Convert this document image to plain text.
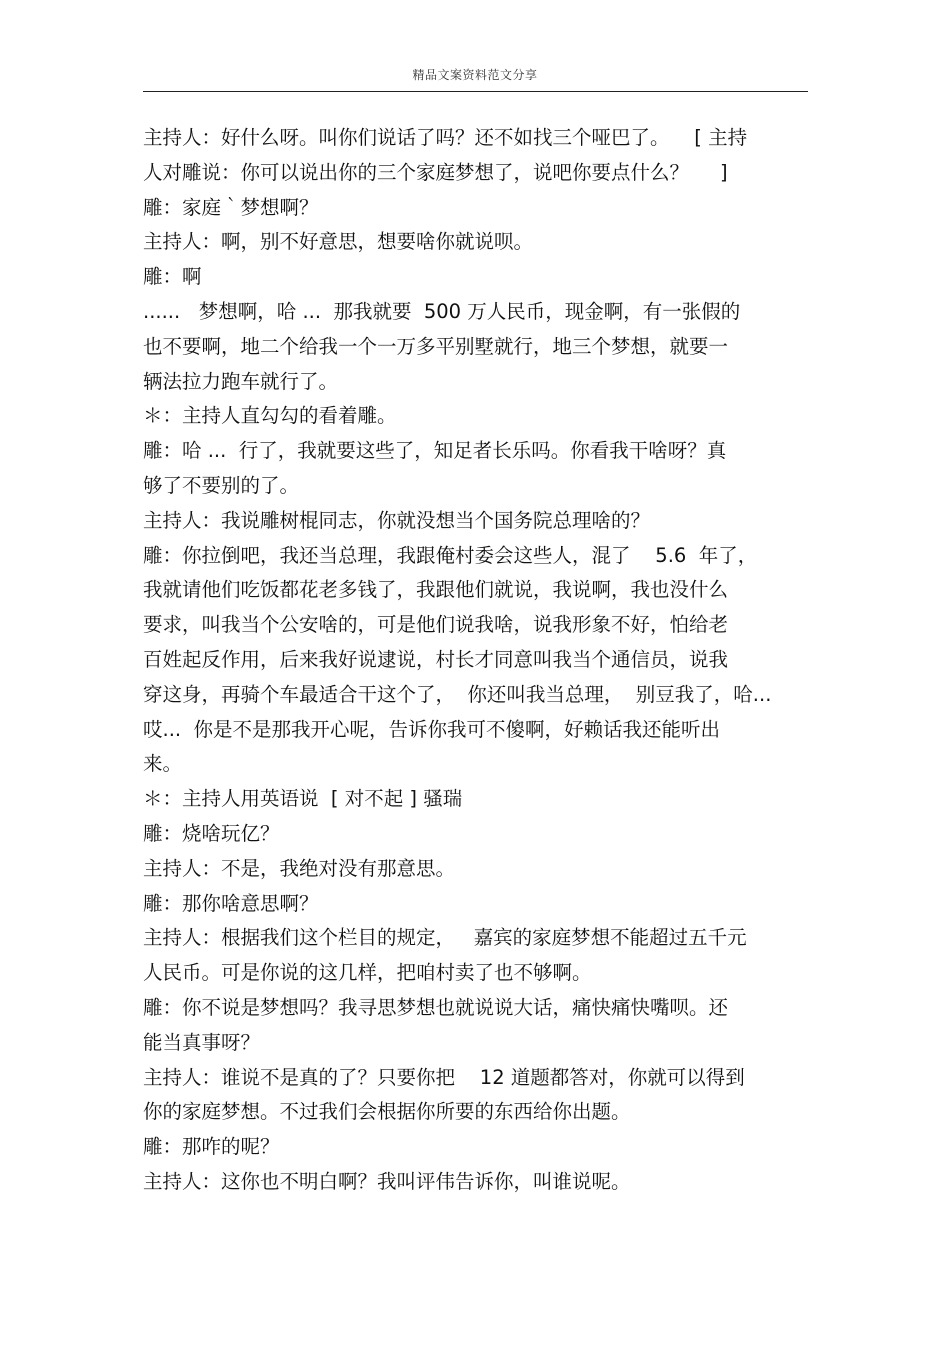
精品文案资料范文分享
主持人：好什么呀。叫你们说话了吗？还不如找三个哑巴了。    [ 主持
人对雕说：你可以说出你的三个家庭梦想了，说吧你要点什么？     ]
雕：家庭｀梦想啊？
主持人：啊，别不好意思，想要啥你就说呗。
雕：啊
......   梦想啊，哈 ...  那我就要  500 万人民币，现金啊，有一张假的
也不要啊，地二个给我一个一万多平别墅就行，地三个梦想，就要一
辆法拉力跑车就行了。
＊：主持人直勾勾的看着雕。
雕：哈 ...  行了，我就要这些了，知足者长乐吗。你看我干啥呀？真
够了不要别的了。
主持人：我说雕树棍同志，你就没想当个国务院总理啥的？
雕：你拉倒吧，我还当总理，我跟俺村委会这些人，混了    5.6  年了，
我就请他们吃饭都花老多钱了，我跟他们就说，我说啊，我也没什么
要求，叫我当个公安啥的，可是他们说我啥，说我形象不好，怕给老
百姓起反作用，后来我好说逮说，村长才同意叫我当个通信员，说我
穿这身，再骑个车最适合干这个了，  你还叫我当总理，  别豆我了，哈...
哎...  你是不是那我开心呢，告诉你我可不傻啊，好赖话我还能听出
来。
＊：主持人用英语说  [ 对不起 ] 骚瑞
雕：烧啥玩亿？
主持人：不是，我绝对没有那意思。
雕：那你啥意思啊？
主持人：根据我们这个栏目的规定，   嘉宾的家庭梦想不能超过五千元
人民币。可是你说的这几样，把咱村卖了也不够啊。
雕：你不说是梦想吗？我寻思梦想也就说说大话，痛快痛快嘴呗。还
能当真事呀？
主持人：谁说不是真的了？只要你把    12 道题都答对，你就可以得到
你的家庭梦想。不过我们会根据你所要的东西给你出题。
雕：那咋的呢？
主持人：这你也不明白啊？我叫评伟告诉你，叫谁说呢。
